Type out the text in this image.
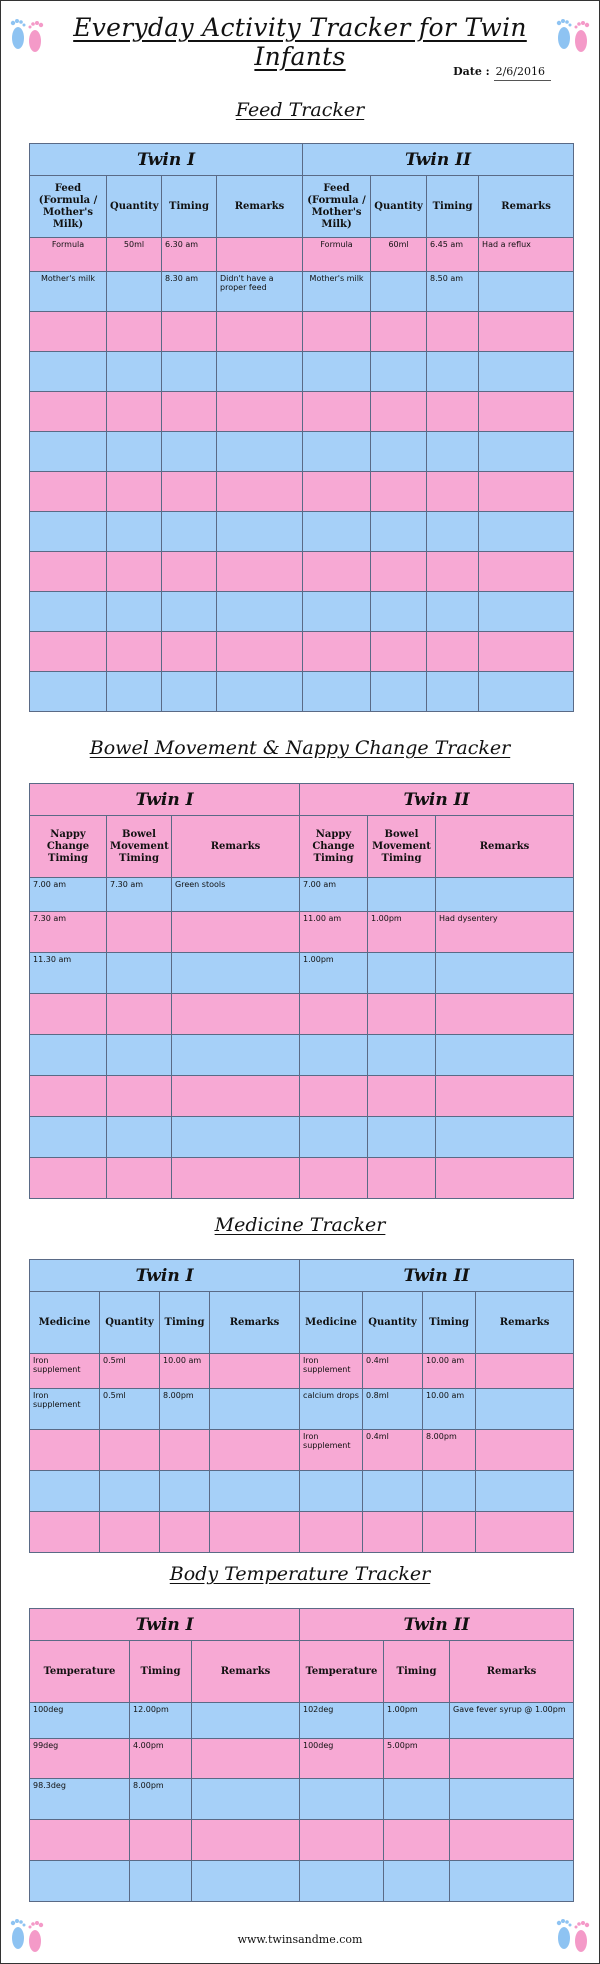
Everyday Activity Tracker for Twin Infants
Date : 2/6/2016
Feed Tracker
Twin I				Twin II			
Feed (Formula / Mother's Milk)	Quantity	Timing	Remarks	Feed (Formula / Mother's Milk)	Quantity	Timing	Remarks
Formula	50ml	6.30 am		Formula	60ml	6.45 am	Had a reflux
Mother's milk		8.30 am	Didn't have a proper feed	Mother's milk		8.50 am	

Bowel Movement & Nappy Change Tracker
Twin I			Twin II		
Nappy Change Timing	Bowel Movement Timing	Remarks	Nappy Change Timing	Bowel Movement Timing	Remarks
7.00 am	7.30 am	Green stools	7.00 am		
7.30 am			11.00 am	1.00pm	Had dysentery
11.30 am			1.00pm		

Medicine Tracker
Twin I				Twin II			
Medicine	Quantity	Timing	Remarks	Medicine	Quantity	Timing	Remarks
Iron supplement	0.5ml	10.00 am		Iron supplement	0.4ml	10.00 am	
Iron supplement	0.5ml	8.00pm		calcium drops	0.8ml	10.00 am	
				Iron supplement	0.4ml	8.00pm	

Body Temperature Tracker
Twin I			Twin II		
Temperature	Timing	Remarks	Temperature	Timing	Remarks
100deg	12.00pm		102deg	1.00pm	Gave fever syrup @ 1.00pm
99deg	4.00pm		100deg	5.00pm	
98.3deg	8.00pm				

www.twinsandme.com
